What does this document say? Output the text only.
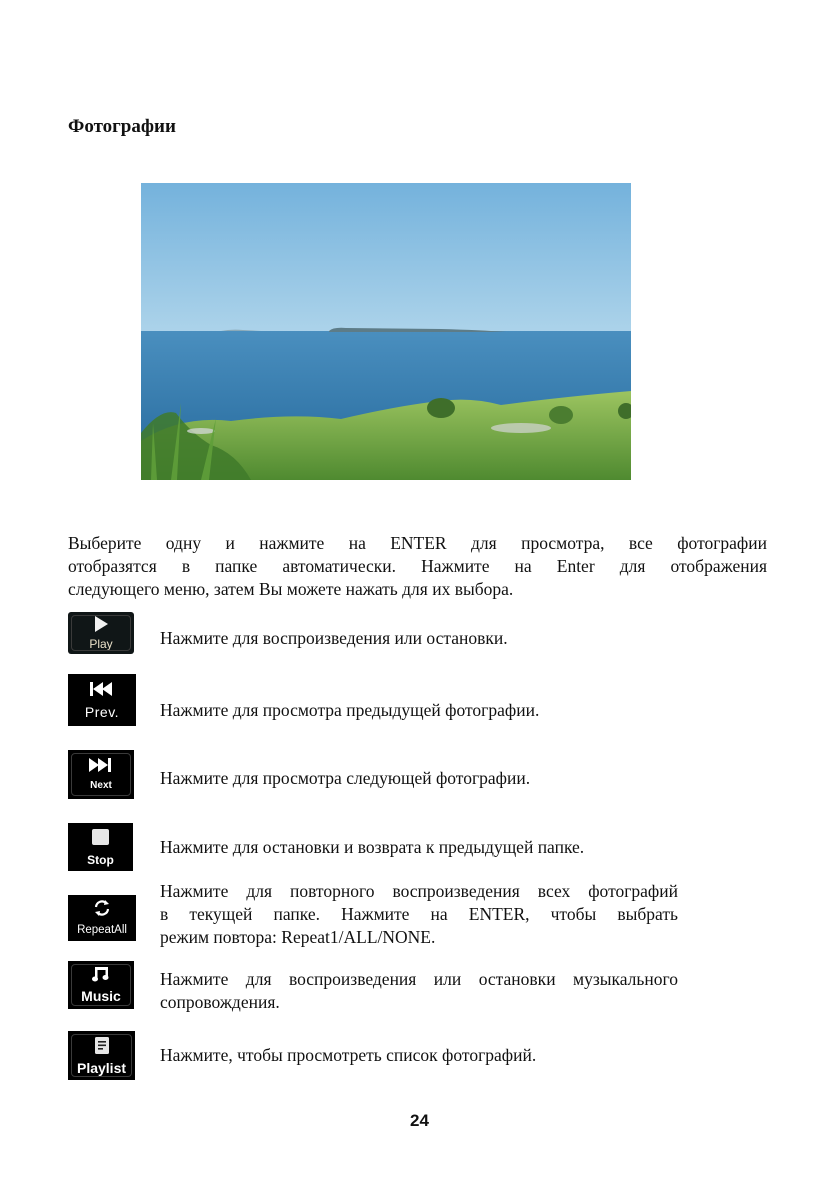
Фотографии
Выберите одну и нажмите на ENTER для просмотра, все фотографии
отобразятся в папке автоматически. Нажмите на Enter для отображения
следующего меню, затем Вы можете нажать для их выбора.
Play	Нажмите для воспроизведения или остановки.
Prev. Нажмите для просмотра предыдущей фотографии.
Next	Нажмите для просмотра следующей фотографии.
Stop
Нажмите для остановки и возврата к предыдущей папке.
RepeatAll
Нажмите для повторного воспроизведения всех фотографий
в текущей папке. Нажмите на ENTER, чтобы выбрать
режим повтора: Repeat1/ALL/NONE.
Music
Нажмите для воспроизведения или остановки музыкального
сопровождения.
Playlist
Нажмите, чтобы просмотреть список фотографий.
24
